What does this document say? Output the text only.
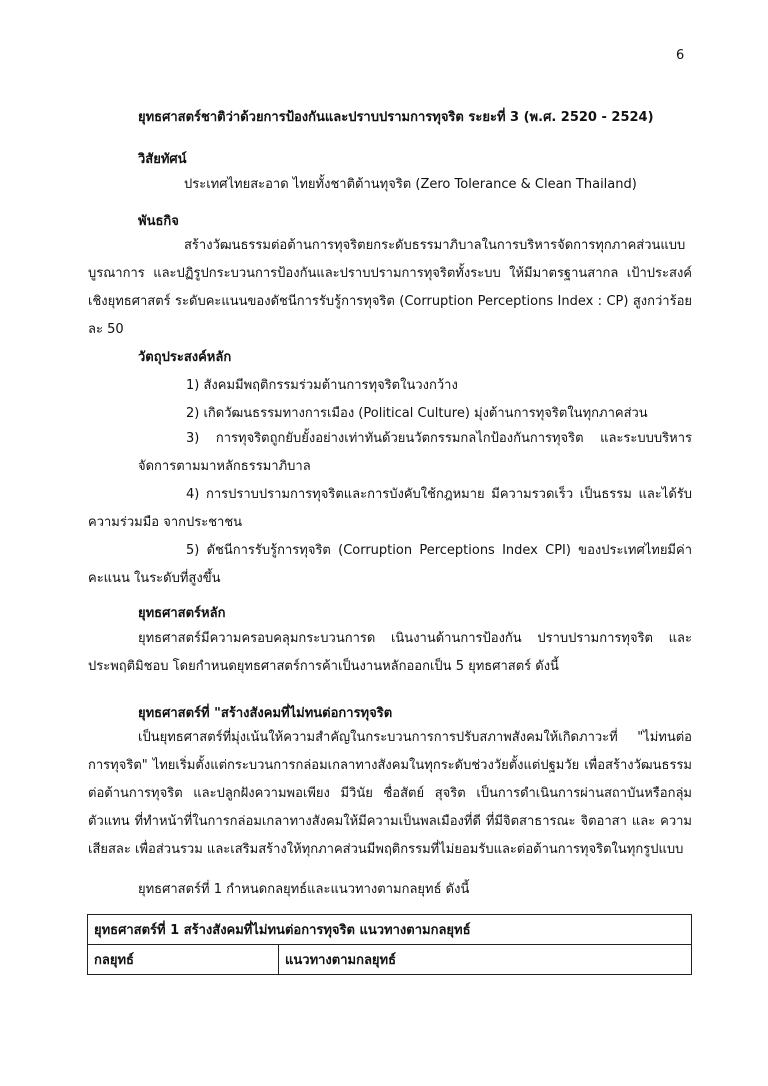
6
ยุทธศาสตร์ชาติว่าด้วยการป้องกันและปราบปรามการทุจริต ระยะที่ 3 (พ.ศ. 2520 - 2524)
วิสัยทัศน์
ประเทศไทยสะอาด ไทยทั้งชาติต้านทุจริต (Zero Tolerance & Clean Thailand)
พันธกิจ
สร้างวัฒนธรรมต่อต้านการทุจริตยกระดับธรรมาภิบาลในการบริหารจัดการทุกภาคส่วนแบบบูรณาการ และปฏิรูปกระบวนการป้องกันและปราบปรามการทุจริตทั้งระบบ ให้มีมาตรฐานสากล เป้าประสงค์เชิงยุทธศาสตร์ ระดับคะแนนของดัชนีการรับรู้การทุจริต (Corruption Perceptions Index : CP) สูงกว่าร้อยละ 50
วัตถุประสงค์หลัก
1) สังคมมีพฤติกรรมร่วมต้านการทุจริตในวงกว้าง
2) เกิดวัฒนธรรมทางการเมือง (Political Culture) มุ่งต้านการทุจริตในทุกภาคส่วน
3) การทุจริตถูกยับยั้งอย่างเท่าทันด้วยนวัตกรรมกลไกป้องกันการทุจริต และระบบบริหารจัดการตามมาหลักธรรมาภิบาล
4) การปราบปรามการทุจริตและการบังคับใช้กฎหมาย มีความรวดเร็ว เป็นธรรม และได้รับความร่วมมือ จากประชาชน
5) ดัชนีการรับรู้การทุจริต (Corruption Perceptions Index CPI) ของประเทศไทยมีค่าคะแนน ในระดับที่สูงขึ้น
ยุทธศาสตร์หลัก
ยุทธศาสตร์มีความครอบคลุมกระบวนการด เนินงานด้านการป้องกัน ปราบปรามการทุจริต และประพฤติมิชอบ โดยกำหนดยุทธศาสตร์การค้าเป็นงานหลักออกเป็น 5 ยุทธศาสตร์ ดังนี้
ยุทธศาสตร์ที่ "สร้างสังคมที่ไม่ทนต่อการทุจริต
เป็นยุทธศาสตร์ที่มุ่งเน้นให้ความสำคัญในกระบวนการการปรับสภาพสังคมให้เกิดภาวะที่ "ไม่ทนต่อการทุจริต" ไทยเริ่มตั้งแต่กระบวนการกล่อมเกลาทางสังคมในทุกระดับช่วงวัยตั้งแต่ปฐมวัย เพื่อสร้างวัฒนธรรมต่อต้านการทุจริต และปลูกฝังความพอเพียง มีวินัย ซื่อสัตย์ สุจริต เป็นการดำเนินการผ่านสถาบันหรือกลุ่มตัวแทน ที่ทำหน้าที่ในการกล่อมเกลาทางสังคมให้มีความเป็นพลเมืองที่ดี ที่มีจิตสาธารณะ จิตอาสา และ ความเสียสละ เพื่อส่วนรวม และเสริมสร้างให้ทุกภาคส่วนมีพฤติกรรมที่ไม่ยอมรับและต่อต้านการทุจริตในทุกรูปแบบ
ยุทธศาสตร์ที่ 1 กำหนดกลยุทธ์และแนวทางตามกลยุทธ์ ดังนี้
ยุทธศาสตร์ที่ 1 สร้างสังคมที่ไม่ทนต่อการทุจริต แนวทางตามกลยุทธ์
กลยุทธ์	แนวทางตามกลยุทธ์
